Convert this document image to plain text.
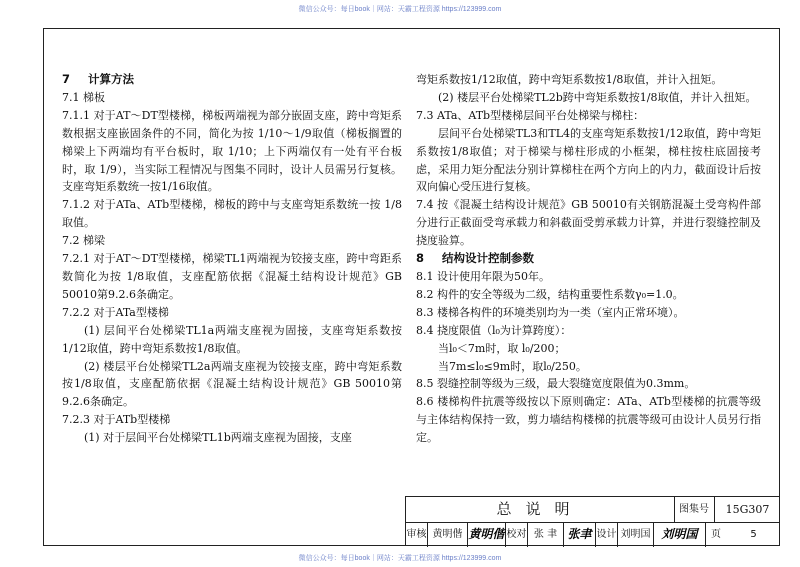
微信公众号：每日book｜网站：天霸工程资源 https://123999.com

7 计算方法

7.1 梯板

7.1.1 对于AT～DT型楼梯，梯板两端视为部分嵌固支座，跨中弯矩系数根据支座嵌固条件的不同，简化为按 1/10～1/9取值（梯板搁置的梯梁上下两端均有平台板时，取 1/10；上下两端仅有一处有平台板时，取 1/9），当实际工程情况与图集不同时，设计人员需另行复核。支座弯矩系数统一按1/16取值。

7.1.2 对于ATa、ATb型楼梯，梯板的跨中与支座弯矩系数统一按 1/8取值。

7.2 梯梁

7.2.1 对于AT～DT型楼梯，梯梁TL1两端视为铰接支座，跨中弯距系数简化为按 1/8取值，支座配筋依据《混凝土结构设计规范》GB 50010第9.2.6条确定。

7.2.2 对于ATa型楼梯

(1) 层间平台处梯梁TL1a两端支座视为固接，支座弯矩系数按1/12取值，跨中弯矩系数按1/8取值。

(2) 楼层平台处梯梁TL2a两端支座视为铰接支座，跨中弯矩系数按1/8取值，支座配筋依据《混凝土结构设计规范》GB 50010第9.2.6条确定。

7.2.3 对于ATb型楼梯

(1) 对于层间平台处梯梁TL1b两端支座视为固接，支座

弯矩系数按1/12取值，跨中弯矩系数按1/8取值，并计入扭矩。

(2) 楼层平台处梯梁TL2b跨中弯矩系数按1/8取值，并计入扭矩。

7.3 ATa、ATb型楼梯层间平台处梯梁与梯柱：

层间平台处梯梁TL3和TL4的支座弯矩系数按1/12取值，跨中弯矩系数按1/8取值；对于梯梁与梯柱形成的小框架，梯柱按柱底固接考虑，采用力矩分配法分别计算梯柱在两个方向上的内力，截面设计后按双向偏心受压进行复核。

7.4 按《混凝土结构设计规范》GB 50010有关钢筋混凝土受弯构件部分进行正截面受弯承载力和斜截面受剪承载力计算，并进行裂缝控制及挠度验算。

8 结构设计控制参数

8.1 设计使用年限为50年。

8.2 构件的安全等级为二级，结构重要性系数γ₀=1.0。

8.3 楼梯各构件的环境类别均为一类（室内正常环境）。

8.4 挠度限值（l₀为计算跨度）：

当l₀＜7m时，取 l₀/200；

当7m≤l₀≤9m时，取l₀/250。

8.5 裂缝控制等级为三级，最大裂缝宽度限值为0.3mm。

8.6 楼梯构件抗震等级按以下原则确定：ATa、ATb型楼梯的抗震等级与主体结构保持一致，剪力墙结构楼梯的抗震等级可由设计人员另行指定。

总说明	图集号	15G307
审核 黄明偕 黄明偕 校对 张 聿 张聿 设计 刘明国 刘明国	页	5
微信公众号：每日book｜网站：天霸工程资源 https://123999.com
